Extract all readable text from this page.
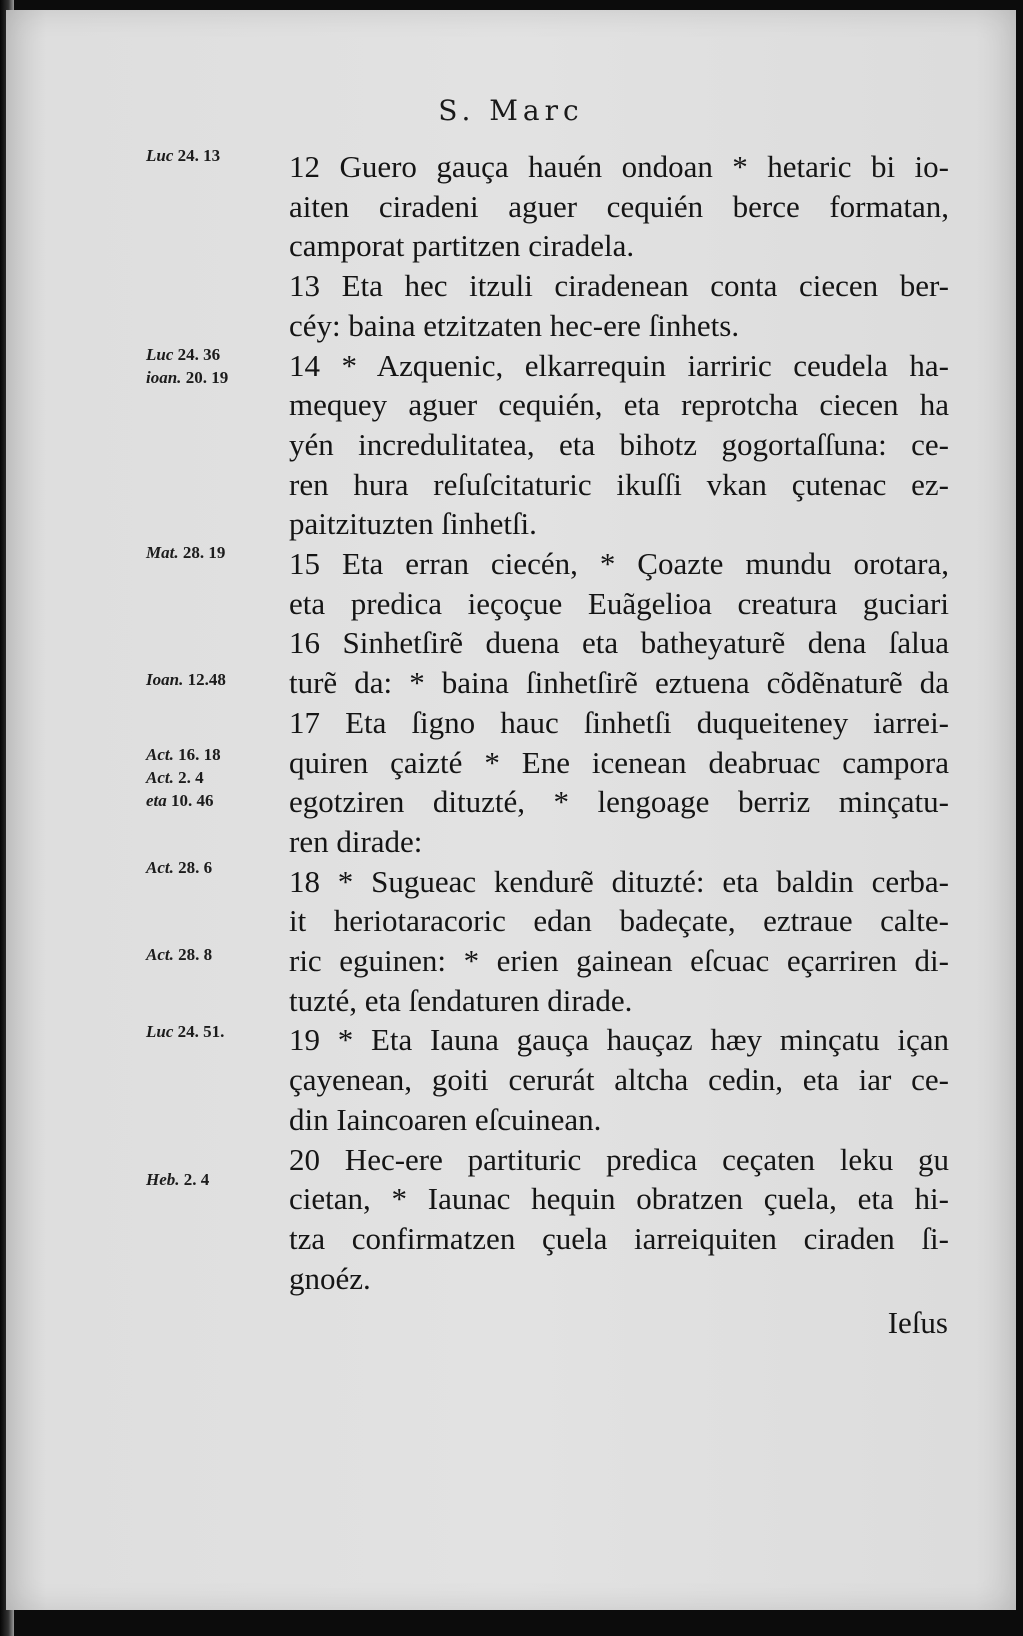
S. Marc
Luc 24. 13
Luc 24. 36
ioan. 20. 19
Mat. 28. 19
Ioan. 12.48
Act. 16. 18
Act. 2. 4
eta 10. 46
Act. 28. 6
Act. 28. 8
Luc 24. 51.
Heb. 2. 4
12 Guero gauça hauén ondoan * hetaric bi io-
aiten ciradeni aguer cequién berce formatan,
camporat partitzen ciradela.
13 Eta hec itzuli ciradenean conta ciecen ber-
céy: baina etzitzaten hec-ere ſinhets.
14 * Azquenic, elkarrequin iarriric ceudela ha-
mequey aguer cequién, eta reprotcha ciecen ha
yén incredulitatea, eta bihotz gogortaſſuna: ce-
ren hura reſuſcitaturic ikuſſi vkan çutenac ez-
paitzituzten ſinhetſi.
15 Eta erran ciecén, * Çoazte mundu orotara,
eta predica ieçoçue Euãgelioa creatura guciari
16 Sinhetſirẽ duena eta batheyaturẽ dena ſalua
turẽ da: * baina ſinhetſirẽ eztuena cõdẽnaturẽ da
17 Eta ſigno hauc ſinhetſi duqueiteney iarrei-
quiren çaizté * Ene icenean deabruac campora
egotziren dituzté, * lengoage berriz minçatu-
ren dirade:
18 * Sugueac kendurẽ dituzté: eta baldin cerba-
it heriotaracoric edan badeçate, eztraue calte-
ric eguinen: * erien gainean eſcuac eçarriren di-
tuzté, eta ſendaturen dirade.
19 * Eta Iauna gauça hauçaz hæy minçatu içan
çayenean, goiti cerurát altcha cedin, eta iar ce-
din Iaincoaren eſcuinean.
20 Hec-ere partituric predica ceçaten leku gu
cietan, * Iaunac hequin obratzen çuela, eta hi-
tza confirmatzen çuela iarreiquiten ciraden ſi-
gnoéz.
Ieſus
